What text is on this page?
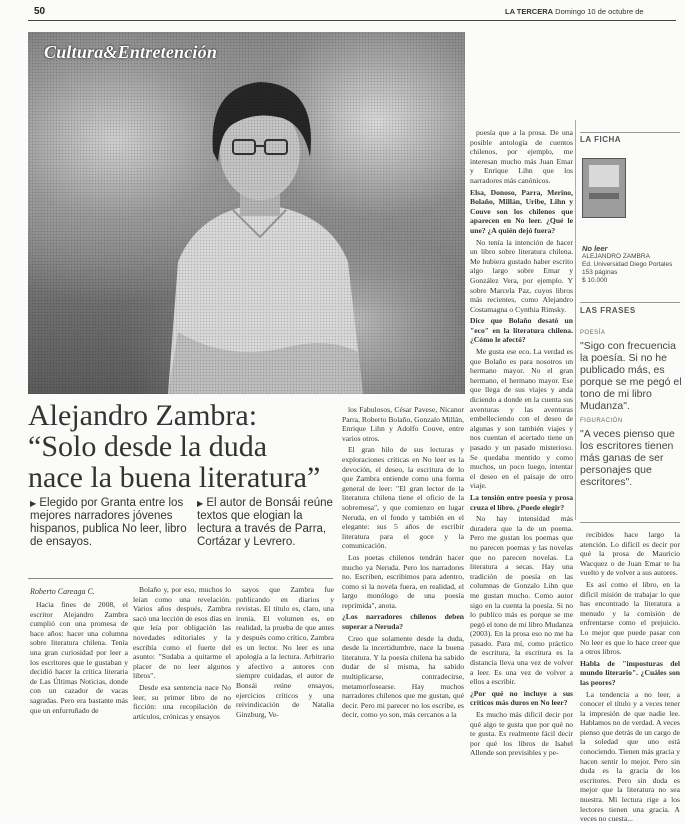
50	LA TERCERA Domingo 10 de octubre de
Cultura&Entretención
Alejandro Zambra:
“Solo desde la duda
nace la buena literatura”
▶ Elegido por Granta entre los mejores narradores jóvenes hispanos, publica No leer, libro de ensayos.
▶ El autor de Bonsái reúne textos que elogian la lectura a través de Parra, Cortázar y Levrero.
Roberto Careaga C.

Hacia fines de 2008, el escritor Alejandro Zambra cumplió con una promesa de hace años: hacer una columna sobre literatura chilena. Tenía una gran curiosidad por leer a los escritores que le gustaban y decidió hacer la crítica literaria de Las Últimas Noticias, donde con un cazador de vacas sagradas. Pero era bastante más que un enfurruñado de

Bolaño y, por eso, muchos lo leían como una revelación. Varios años después, Zambra sacó una lección de esos días en que leía por obligación las novedades editoriales y la escribía como el fuerte del asunto: "Sudaba a quitarme el placer de no leer algunos libros".

Desde esa sentencia nace No leer, su primer libro de no ficción: una recopilación de artículos, crónicas y ensayos

sayos que Zambra fue publicando en diarios y revistas. El título es, claro, una ironía. El volumen es, en realidad, la prueba de que antes y después como crítico, Zambra es un lector. No leer es una apología a la lectura. Arbitrario y afectivo a autores con siempre cuidadas, el autor de Bonsái reúne ensayos, ejercicios críticos y una reivindicación de Natalia Ginzburg, Ve-

los Fabulosos, César Pavese, Nicanor Parra, Roberto Bolaño, Gonzalo Millán, Enrique Lihn y Adolfo Couve, entre varios otros.

El gran hilo de sus lecturas y exploraciones críticas en No leer es la devoción, el deseo, la escritura de lo que Zambra entiende como una forma general de leer: "El gran lector de la literatura chilena tiene el oficio de la sobremesa", y que comienzo en lugar Neruda, en el fondo y también en el elegante: sus 5 años de escribir literatura para el goce y la comunicación.

Los poetas chilenos tendrán hacer mucho ya Neruda. Pero los narradores no. Escriben, escribimos para adentro, como si la novela fuera, en realidad, el largo monólogo de una poesía reprimida", anota.

¿Los narradores chilenos deben superar a Neruda?

Creo que solamente desde la duda, desde la incertidumbre, nace la buena literatura. Y la poesía chilena ha sabido dudar de sí misma, ha sabido multiplicarse, contradecirse, metamorfosearse. Hay muchos narradores chilenos que me gustan, qué decir. Pero mi parecer no los escribe, es decir, como yo son, más cercanos a la

poesía que a la prosa. De una posible antología de cuentos chilenos, por ejemplo, me interesan mucho más Juan Emar y Enrique Lihn que los narradores más canónicos.

Elsa, Donoso, Parra, Merino, Bolaño, Millán, Uribe, Lihn y Couve son los chilenos que aparecen en No leer. ¿Qué le une? ¿A quién dejó fuera?

No tenía la intención de hacer un libro sobre literatura chilena. Me hubiera gustado haber escrito algo largo sobre Emar y González Vera, por ejemplo. Y sobre Marcela Paz, cuyos libros más recientes, como Alejandro Costamagna o Cynthia Rimsky.

Dice que Bolaño desató un "eco" en la literatura chilena. ¿Cómo le afectó?

Me gusta ese eco. La verdad es que Bolaño es para nosotros un hermano mayor. No el gran hermano, el hermano mayor. Ese que llega de sus viajes y anda diciendo a donde en la cuenta sus aventuras y las aventuras embelleciendo con el deseo de algunas y son también viajes y nos cuentan el acertado tiene un pasado y un pasado misterioso. Se quedaba mentido y como muchos, un poco luego, intentar el deseo en el paisaje de otro viaje.

La tensión entre poesía y prosa cruza el libro. ¿Puede elegir?

No hay intensidad más duradera que la de un poema. Pero me gustan los poemas que no parecen poemas y las novelas que no parecen novelas. La literatura a secas. Hay una tradición de poesía en las columnas de Gonzalo Lihn que me gustan mucho. Como autor sigo en la cuenta la poesía. Si no lo publico más es porque se me pegó el tono de mi libro Mudanza (2003). En la prosa eso no me ha pasado. Para mí, como práctico de escritura, la escritura es la distancia lleva una vez de volver a leer. Es una vez de volver a ellos a escribir.

¿Por qué no incluye a sus críticos más duros en No leer?

Es mucho más difícil decir por qué algo te gusta que por qué no te gusta. Es realmente fácil decir por qué los libros de Isabel Allende son previsibles y pe-

recibidos hace largo la atención. Lo difícil es decir por qué la prosa de Mauricio Wacquez o de Juan Emar te ha vuelto y de volver a sus autores.

Es así como el libro, en la difícil misión de trabajar lo que has encontrado la literatura a menudo y la comisión de enfrentarse como el prejuicio. Lo mejor que puede pasar con No leer es que lo hace creer que a otros libros.

Habla de "imposturas del mundo literario". ¿Cuáles son las peores?

La tendencia a no leer, a conocer el título y a veces tener la impresión de que nadie lee. Hablamos no de verdad. A veces pienso que detrás de un cargo de la soledad que uno está conociendo. Tienen más gracia y hacen sentir lo mejor. Pero sin duda es la gracia de los escritores. Pero sin duda es mejor que la literatura no sea nuestra. Mi lectura rige a los lectores tienen una gracia. A veces no cuesta...

LA FICHA
No leer
ALEJANDRO ZAMBRA
Ed. Universidad Diego Portales
153 páginas
$ 10.000
LAS FRASES
POESÍA
"Sigo con frecuencia la poesía. Si no he publicado más, es porque se me pegó el tono de mi libro Mudanza".
FIGURACIÓN
"A veces pienso que los escritores tienen más ganas de ser personajes que escritores".
